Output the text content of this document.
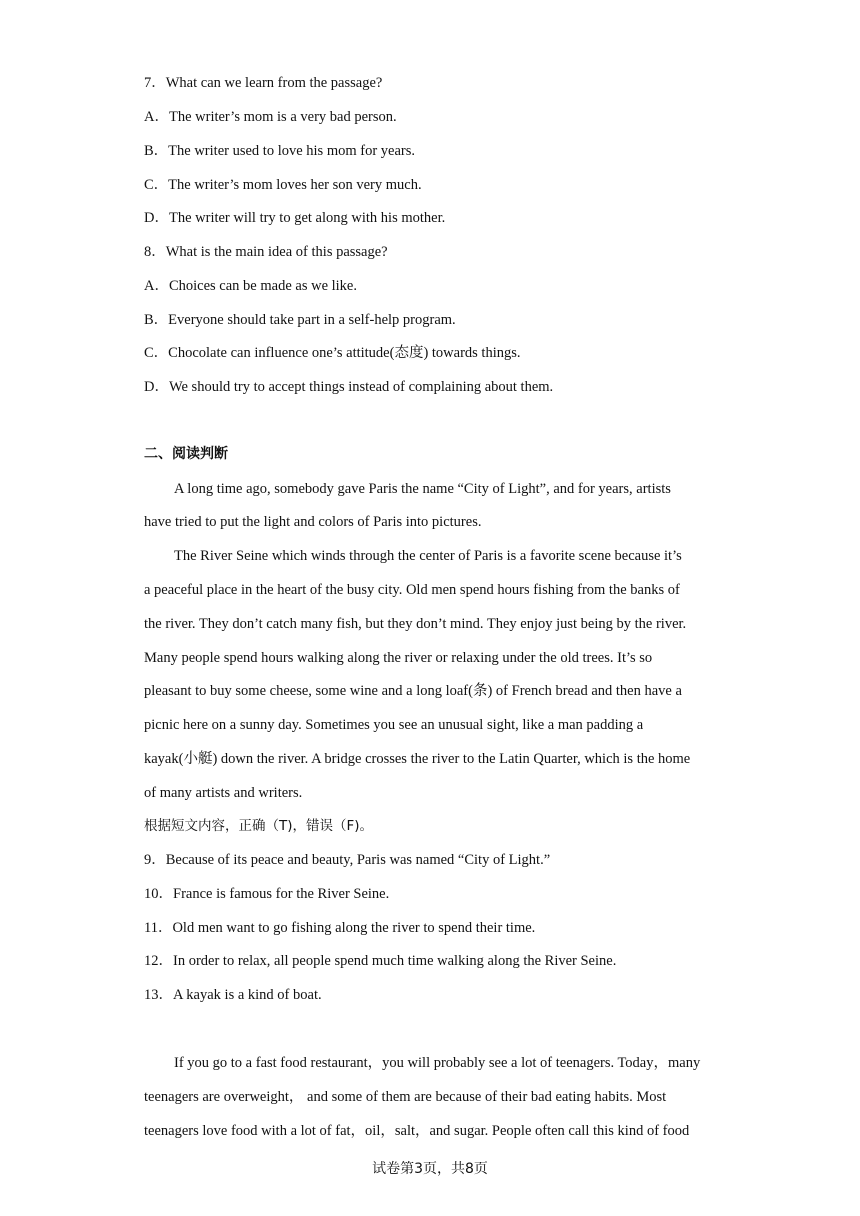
7．What can we learn from the passage?
A．The writer’s mom is a very bad person.
B．The writer used to love his mom for years.
C．The writer’s mom loves her son very much.
D．The writer will try to get along with his mother.
8．What is the main idea of this passage?
A．Choices can be made as we like.
B．Everyone should take part in a self-help program.
C．Chocolate can influence one’s attitude(态度) towards things.
D．We should try to accept things instead of complaining about them.
二、阅读判断
A long time ago, somebody gave Paris the name “City of Light”, and for years, artists
have tried to put the light and colors of Paris into pictures.
The River Seine which winds through the center of Paris is a favorite scene because it’s
a peaceful place in the heart of the busy city. Old men spend hours fishing from the banks of
the river. They don’t catch many fish, but they don’t mind. They enjoy just being by the river.
Many people spend hours walking along the river or relaxing under the old trees. It’s so
pleasant to buy some cheese, some wine and a long loaf(条) of French bread and then have a
picnic here on a sunny day. Sometimes you see an unusual sight, like a man padding a
kayak(小艇) down the river. A bridge crosses the river to the Latin Quarter, which is the home
of many artists and writers.
根据短文内容，正确（T)，错误（F)。
9．Because of its peace and beauty, Paris was named “City of Light.”
10．France is famous for the River Seine.
11．Old men want to go fishing along the river to spend their time.
12．In order to relax, all people spend much time walking along the River Seine.
13．A kayak is a kind of boat.
If you go to a fast food restaurant，you will probably see a lot of teenagers. Today，many
teenagers are overweight， and some of them are because of their bad eating habits. Most
teenagers love food with a lot of fat，oil，salt，and sugar. People often call this kind of food
试卷第3页，共8页
